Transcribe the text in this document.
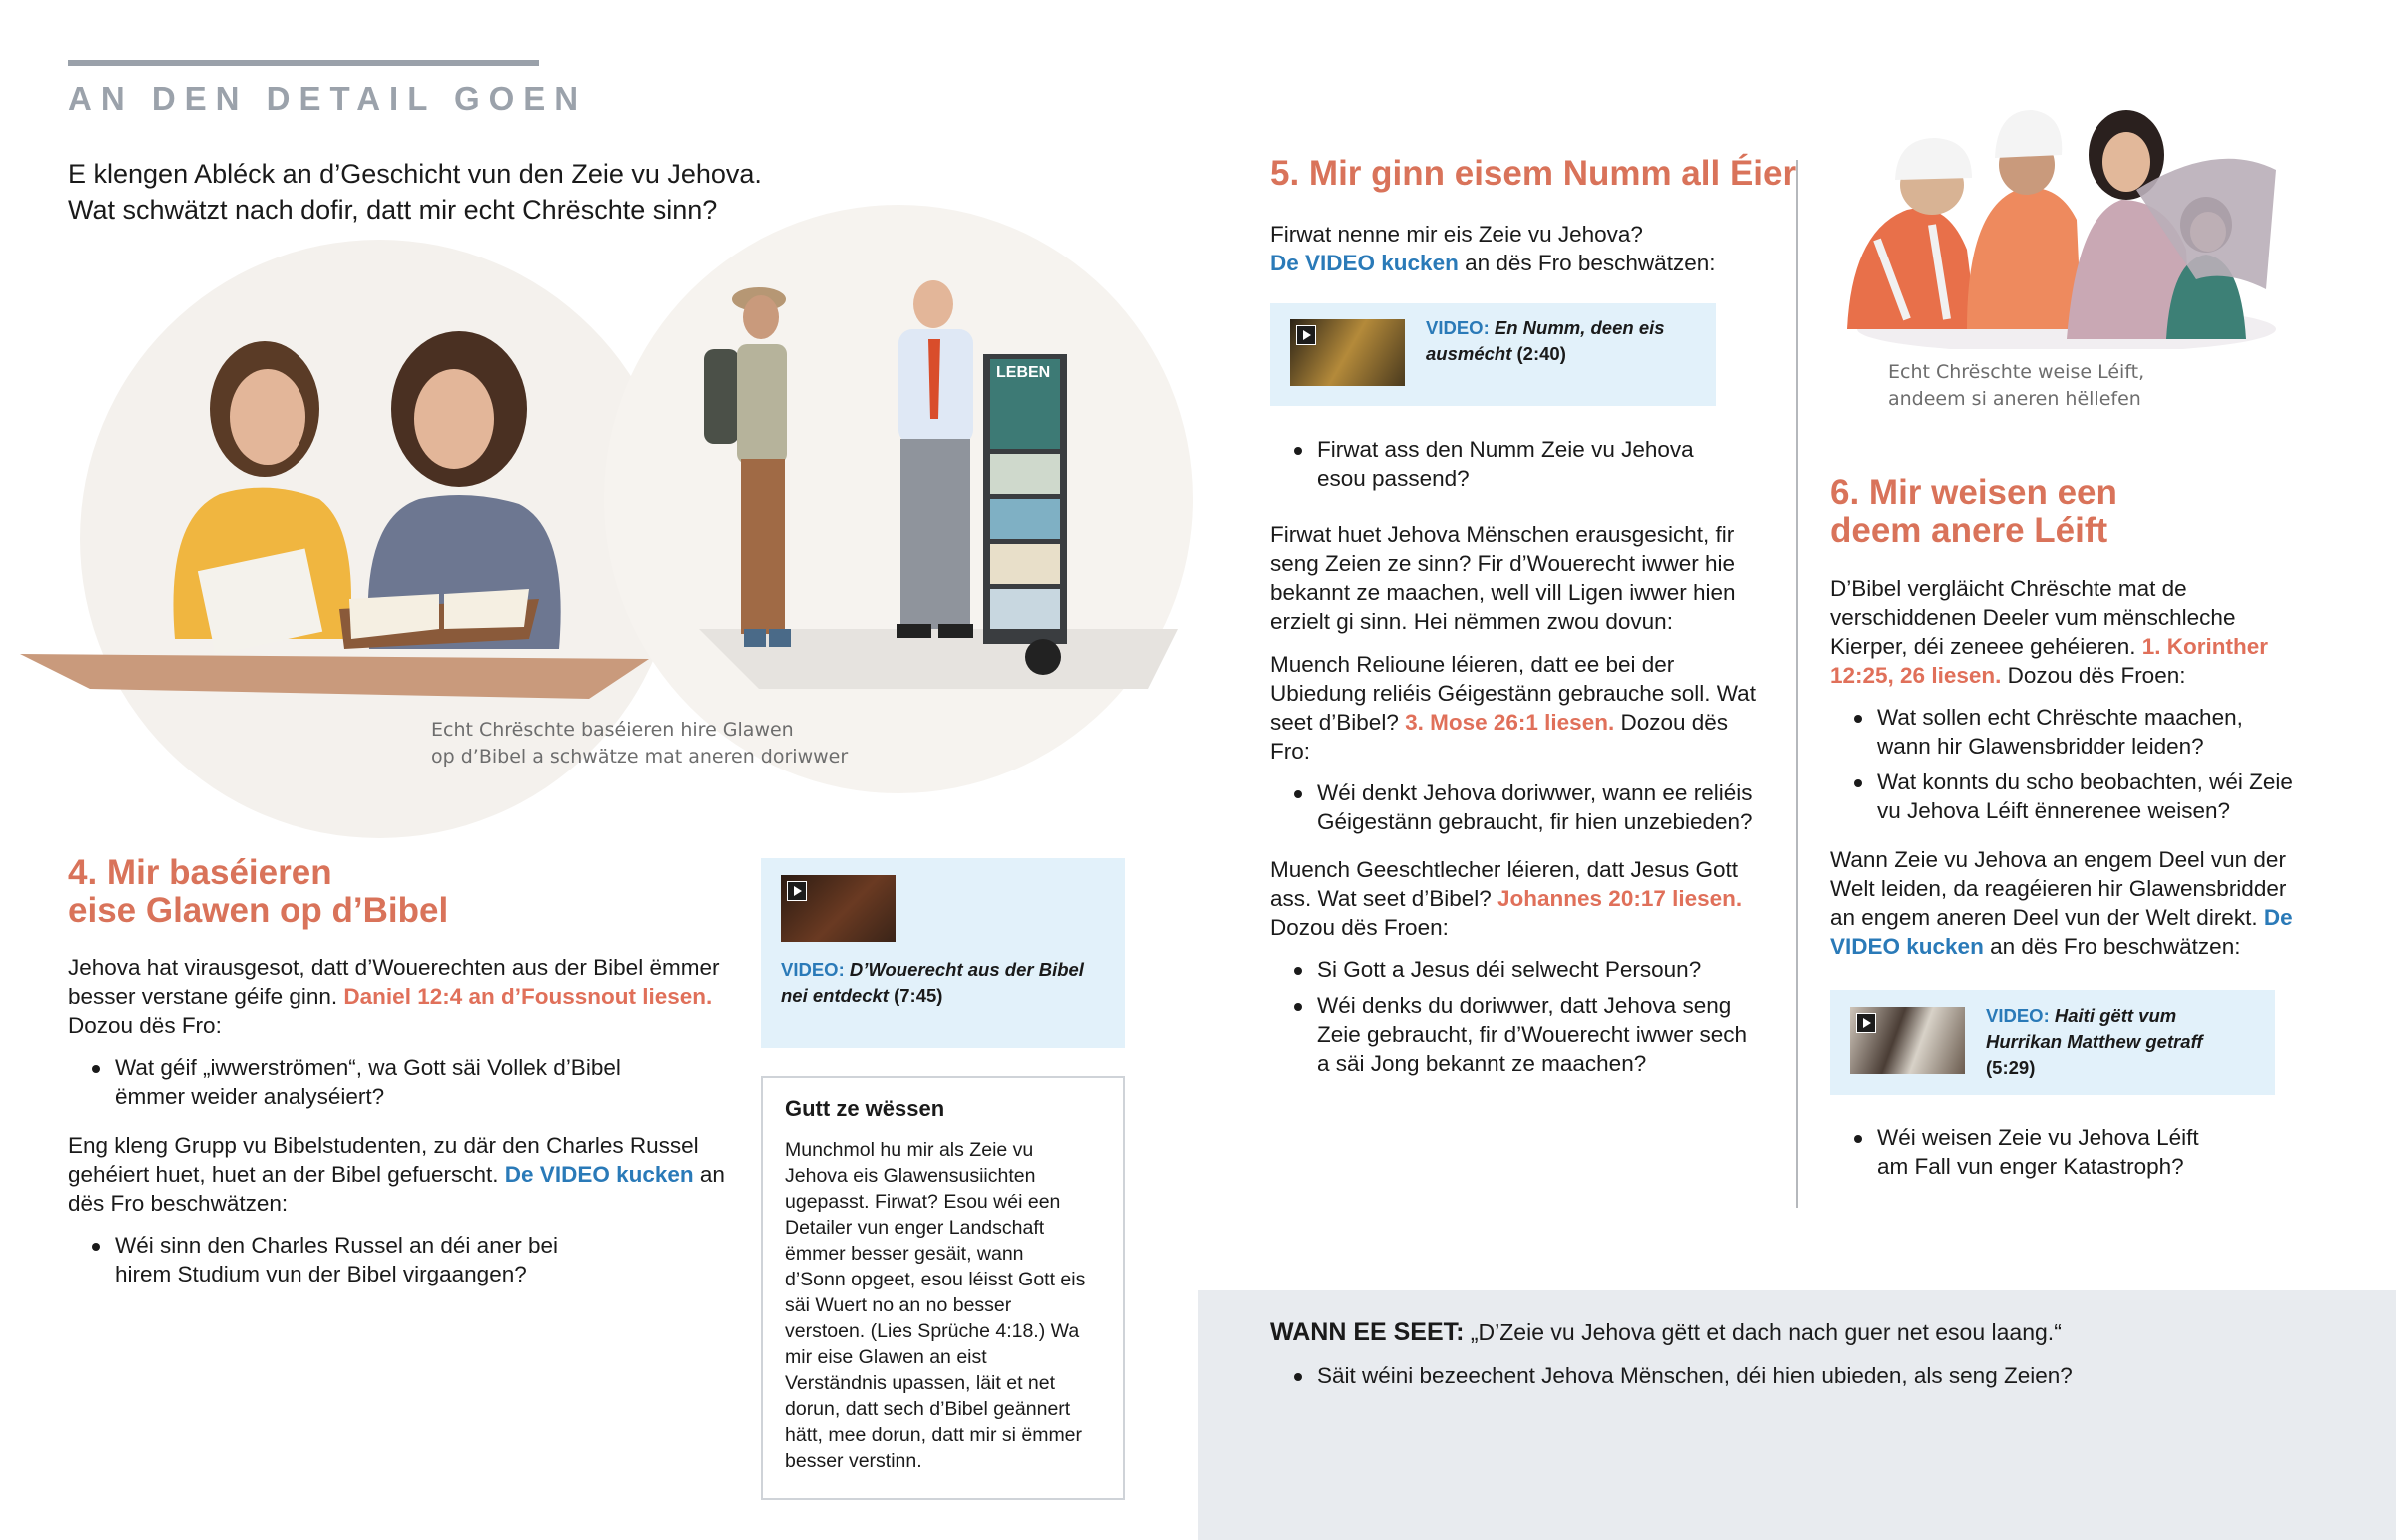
AN DEN DETAIL GOEN
E klengen Abléck an d’Geschicht vun den Zeie vu Jehova.
Wat schwätzt nach dofir, datt mir echt Chrëschte sinn?
LEBEN
Echt Chrëschte baséieren hire Glawen
op d’Bibel a schwätze mat aneren doriwwer
4. Mir baséieren
eise Glawen op d’Bibel

Jehova hat virausgesot, datt d’Wouerechten aus der Bibel ëmmer besser verstane géife ginn. Daniel 12:4 an d’Foussnout liesen. Dozou dës Fro:

Wat géif „iwwerströmen“, wa Gott säi Vollek d’Bibel ëmmer weider analyséiert?

Eng kleng Grupp vu Bibelstudenten, zu där den Charles Russel gehéiert huet, huet an der Bibel gefuerscht. De VIDEO kucken an dës Fro beschwätzen:

Wéi sinn den Charles Russel an déi aner bei hirem Studium vun der Bibel virgaangen?
VIDEO: D’Wouerecht aus der Bibel nei entdeckt (7:45)
Gutt ze wëssen
Munchmol hu mir als Zeie vu Jehova eis Glawensusiichten ugepasst. Firwat? Esou wéi een Detailer vun enger Landschaft ëmmer besser gesäit, wann d’Sonn opgeet, esou léisst Gott eis säi Wuert no an no besser verstoen. (Lies Sprüche 4:18.) Wa mir eise Glawen an eist Verständnis upassen, läit et net dorun, datt sech d’Bibel geännert hätt, mee dorun, datt mir si ëmmer besser verstinn.
5. Mir ginn eisem Numm all Éier
Firwat nenne mir eis Zeie vu Jehova?
De VIDEO kucken an dës Fro beschwätzen:
VIDEO: En Numm, deen eis ausmécht (2:40)
Firwat ass den Numm Zeie vu Jehova esou passend?

Firwat huet Jehova Mënschen erausgesicht, fir seng Zeien ze sinn? Fir d’Wouerecht iwwer hie bekannt ze maachen, well vill Ligen iwwer hien erzielt gi sinn. Hei nëmmen zwou dovun:

Muench Relioune léieren, datt ee bei der Ubiedung reliéis Géigestänn gebrauche soll. Wat seet d’Bibel? 3. Mose 26:1 liesen. Dozou dës Fro:

Wéi denkt Jehova doriwwer, wann ee reliéis Géigestänn gebraucht, fir hien unzebieden?

Muench Geeschtlecher léieren, datt Jesus Gott ass. Wat seet d’Bibel? Johannes 20:17 liesen. Dozou dës Froen:

Si Gott a Jesus déi selwecht Persoun?
Wéi denks du doriwwer, datt Jehova seng Zeie gebraucht, fir d’Wouerecht iwwer sech a säi Jong bekannt ze maachen?
Echt Chrëschte weise Léift,
andeem si aneren hëllefen
6. Mir weisen een
deem anere Léift

D’Bibel vergläicht Chrëschte mat de verschiddenen Deeler vum mënschleche Kierper, déi zeneee gehéieren. 1. Korinther 12:25, 26 liesen. Dozou dës Froen:

Wat sollen echt Chrëschte maachen, wann hir Glawensbridder leiden?
Wat konnts du scho beobachten, wéi Zeie vu Jehova Léift ënnerenee weisen?

Wann Zeie vu Jehova an engem Deel vun der Welt leiden, da reagéieren hir Glawensbridder an engem aneren Deel vun der Welt direkt. De VIDEO kucken an dës Fro beschwätzen:

VIDEO: Haiti gëtt vum Hurrikan Matthew getraff (5:29)
Wéi weisen Zeie vu Jehova Léift am Fall vun enger Katastroph?
WANN EE SEET: „D’Zeie vu Jehova gëtt et dach nach guer net esou laang.“
Säit wéini bezeechent Jehova Mënschen, déi hien ubieden, als seng Zeien?
